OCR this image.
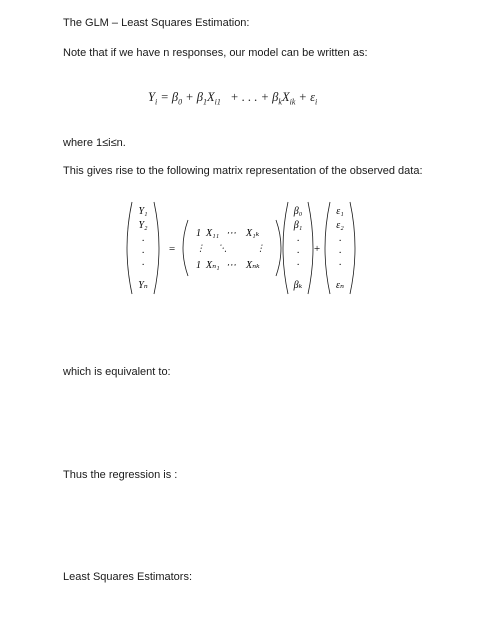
The GLM – Least Squares Estimation:
Note that if we have n responses, our model can be written as:
$Y_i = \beta_0 + \beta_1X_{i1}$ + . . . + $\beta_kX_{ik} + \varepsilon_i$
where 1≤i≤n.
This gives rise to the following matrix representation of the observed data:
Y₁
Y₂
·
·
·
Yₙ
=
1 X₁₁ ⋯ X₁ₖ
⋮ ⋱	⋮
1 Xₙ₁ ⋯ Xₙₖ
β₀
β₁
·
·
·
βₖ
+
ε₁
ε₂
·
·
·
εₙ
which is equivalent to:
Thus the regression is :
Least Squares Estimators:
